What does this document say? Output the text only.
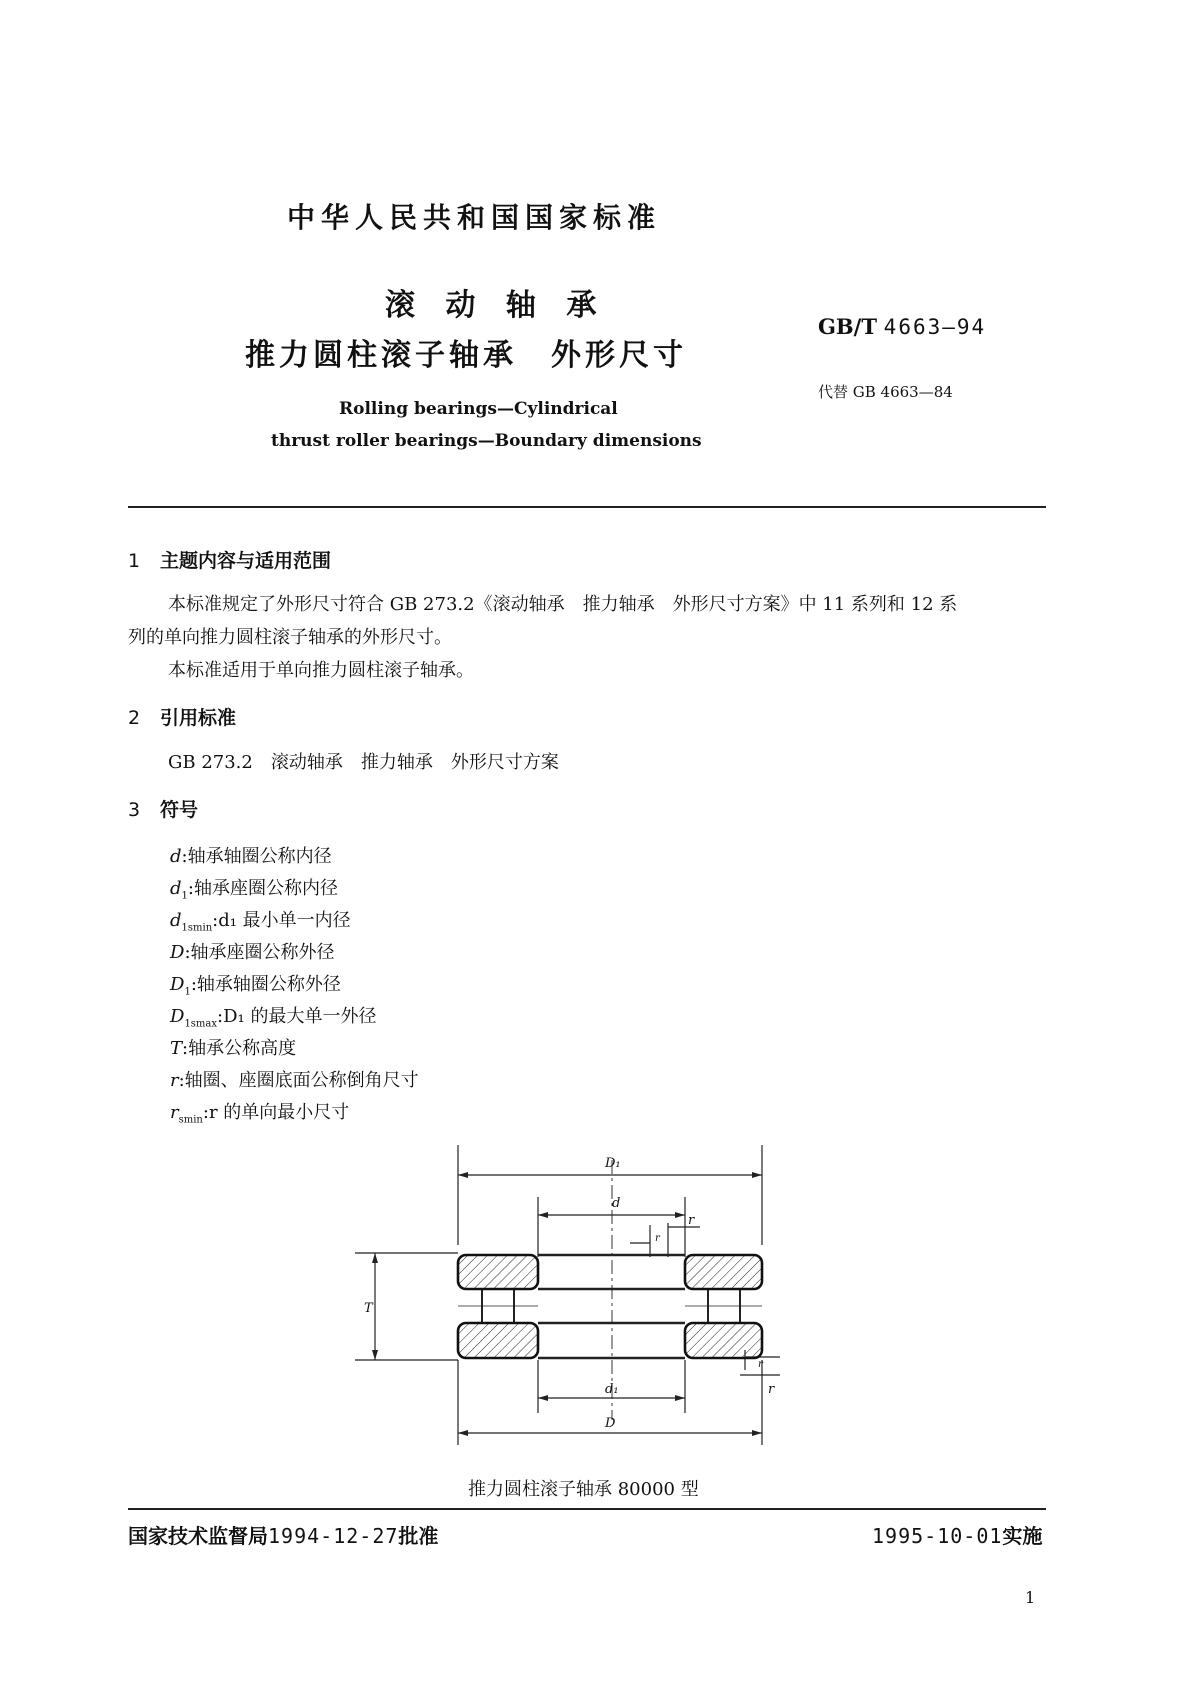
中华人民共和国国家标准
滚 动 轴 承
推力圆柱滚子轴承　外形尺寸
GB/T 4663—94
代替 GB 4663—84
Rolling bearings—Cylindrical
thrust roller bearings—Boundary dimensions
1 主题内容与适用范围
本标准规定了外形尺寸符合 GB 273.2《滚动轴承　推力轴承　外形尺寸方案》中 11 系列和 12 系
列的单向推力圆柱滚子轴承的外形尺寸。
本标准适用于单向推力圆柱滚子轴承。
2 引用标准
GB 273.2　滚动轴承　推力轴承　外形尺寸方案
3 符号
d:轴承轴圈公称内径
$d_1$:轴承座圈公称内径
$d_{1smin}:d_1$ 最小单一内径
D:轴承座圈公称外径
$D_1$:轴承轴圈公称外径
$D_{1smax}:D_1$ 的最大单一外径
T:轴承公称高度
r:轴圈、座圈底面公称倒角尺寸
$r_{smin}:r$ 的单向最小尺寸
D₁
d
T
r
r
r
r
d₁
D
推力圆柱滚子轴承 80000 型
国家技术监督局1994-12-27批准	1995-10-01实施
1
